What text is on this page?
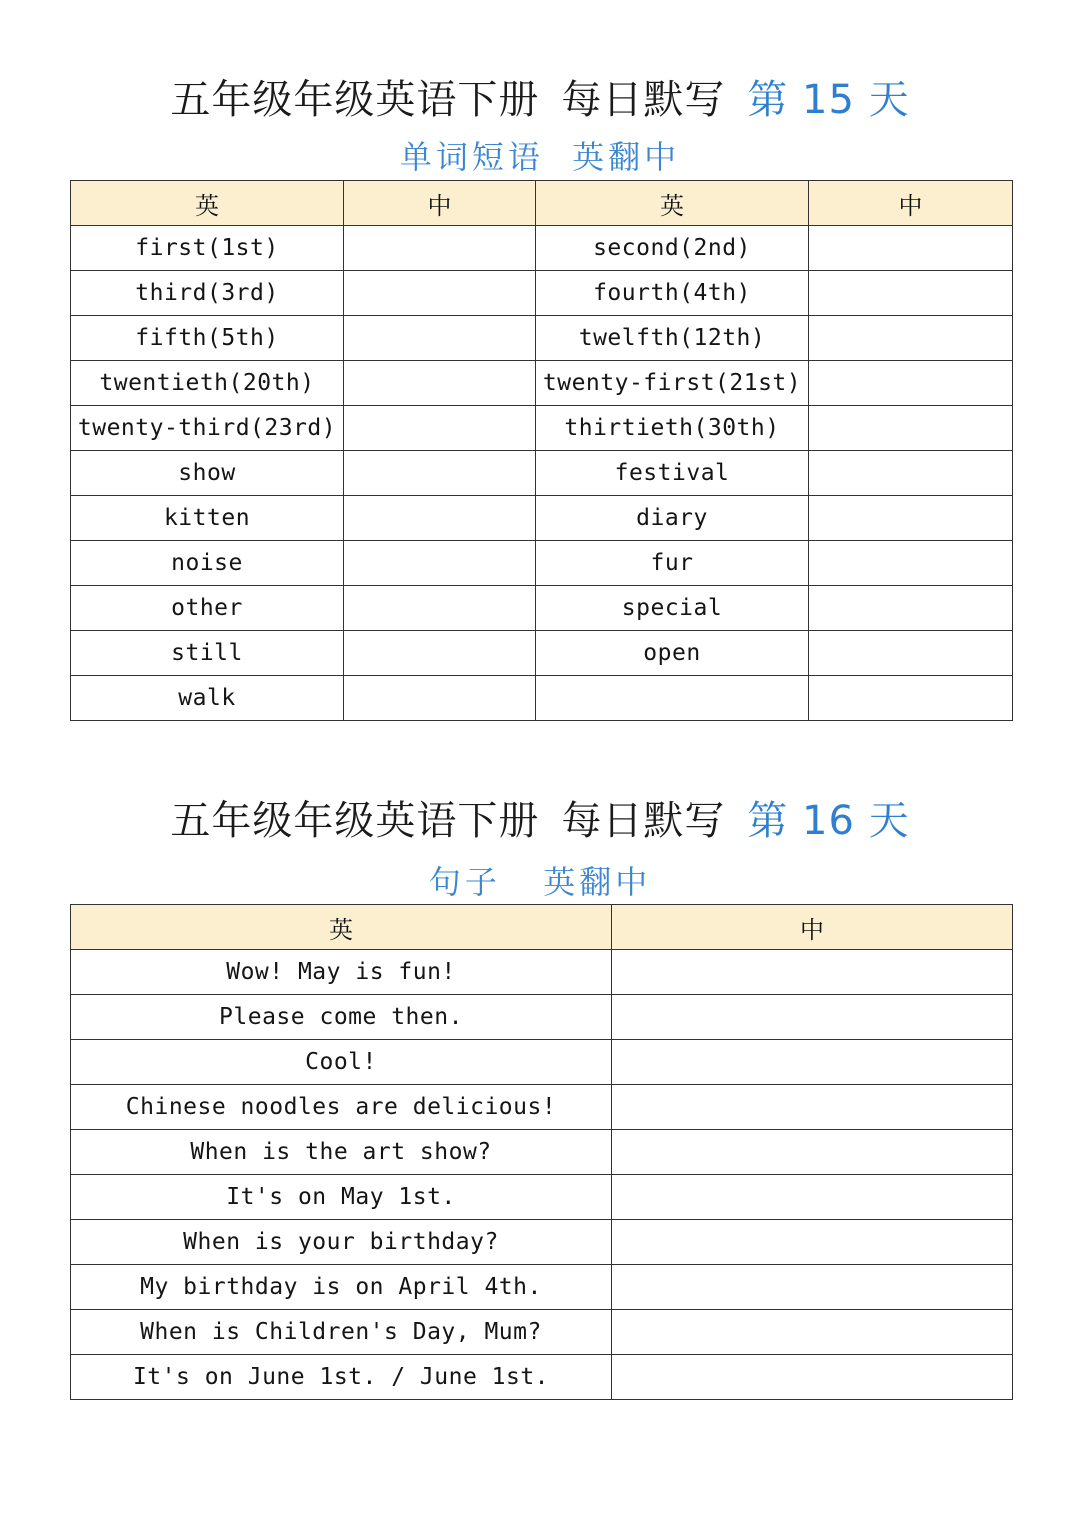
五年级年级英语下册 每日默写 第 15 天
单词短语  英翻中
英	中	英	中
first(1st)		second(2nd)	
third(3rd)		fourth(4th)	
fifth(5th)		twelfth(12th)	
twentieth(20th)		twenty-first(21st)	
twenty-third(23rd)		thirtieth(30th)	
show		festival	
kitten		diary	
noise		fur	
other		special	
still		open	
walk			
五年级年级英语下册 每日默写 第 16 天
句子   英翻中
英	中
Wow! May is fun!	
Please come then.	
Cool!	
Chinese noodles are delicious!	
When is the art show?	
It's on May 1st.	
When is your birthday?	
My birthday is on April 4th.	
When is Children's Day, Mum?	
It's on June 1st. / June 1st.	
